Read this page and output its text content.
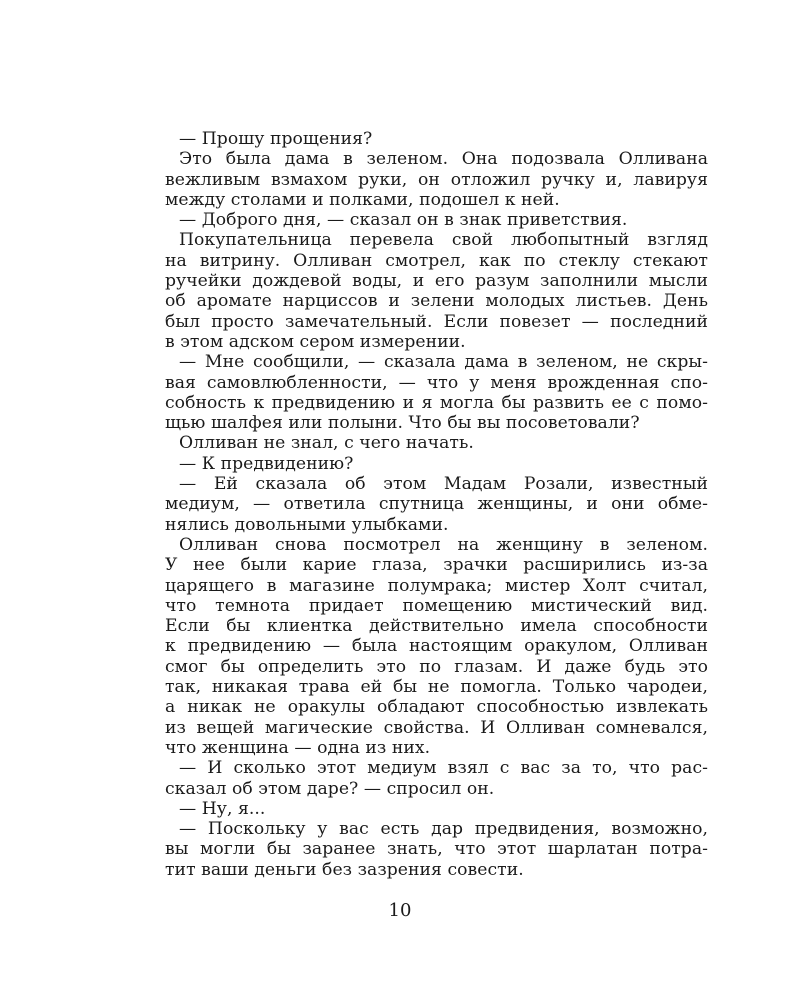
— Прошу прощения?
Это была дама в зеленом. Она подозвала Олливана
вежливым взмахом руки, он отложил ручку и, лавируя
между столами и полками, подошел к ней.
— Доброго дня, — сказал он в знак приветствия.
Покупательница перевела свой любопытный взгляд
на витрину. Олливан смотрел, как по стеклу стекают
ручейки дождевой воды, и его разум заполнили мысли
об аромате нарциссов и зелени молодых листьев. День
был просто замечательный. Если повезет — последний
в этом адском сером измерении.
— Мне сообщили, — сказала дама в зеленом, не скры-
вая самовлюбленности, — что у меня врожденная спо-
собность к предвидению и я могла бы развить ее с помо-
щью шалфея или полыни. Что бы вы посоветовали?
Олливан не знал, с чего начать.
— К предвидению?
— Ей сказала об этом Мадам Розали, известный
медиум, — ответила спутница женщины, и они обме-
нялись довольными улыбками.
Олливан снова посмотрел на женщину в зеленом.
У нее были карие глаза, зрачки расширились из-за
царящего в магазине полумрака; мистер Холт считал,
что темнота придает помещению мистический вид.
Если бы клиентка действительно имела способности
к предвидению — была настоящим оракулом, Олливан
смог бы определить это по глазам. И даже будь это
так, никакая трава ей бы не помогла. Только чародеи,
а никак не оракулы обладают способностью извлекать
из вещей магические свойства. И Олливан сомневался,
что женщина — одна из них.
— И сколько этот медиум взял с вас за то, что рас-
сказал об этом даре? — спросил он.
— Ну, я...
— Поскольку у вас есть дар предвидения, возможно,
вы могли бы заранее знать, что этот шарлатан потра-
тит ваши деньги без зазрения совести.
10
